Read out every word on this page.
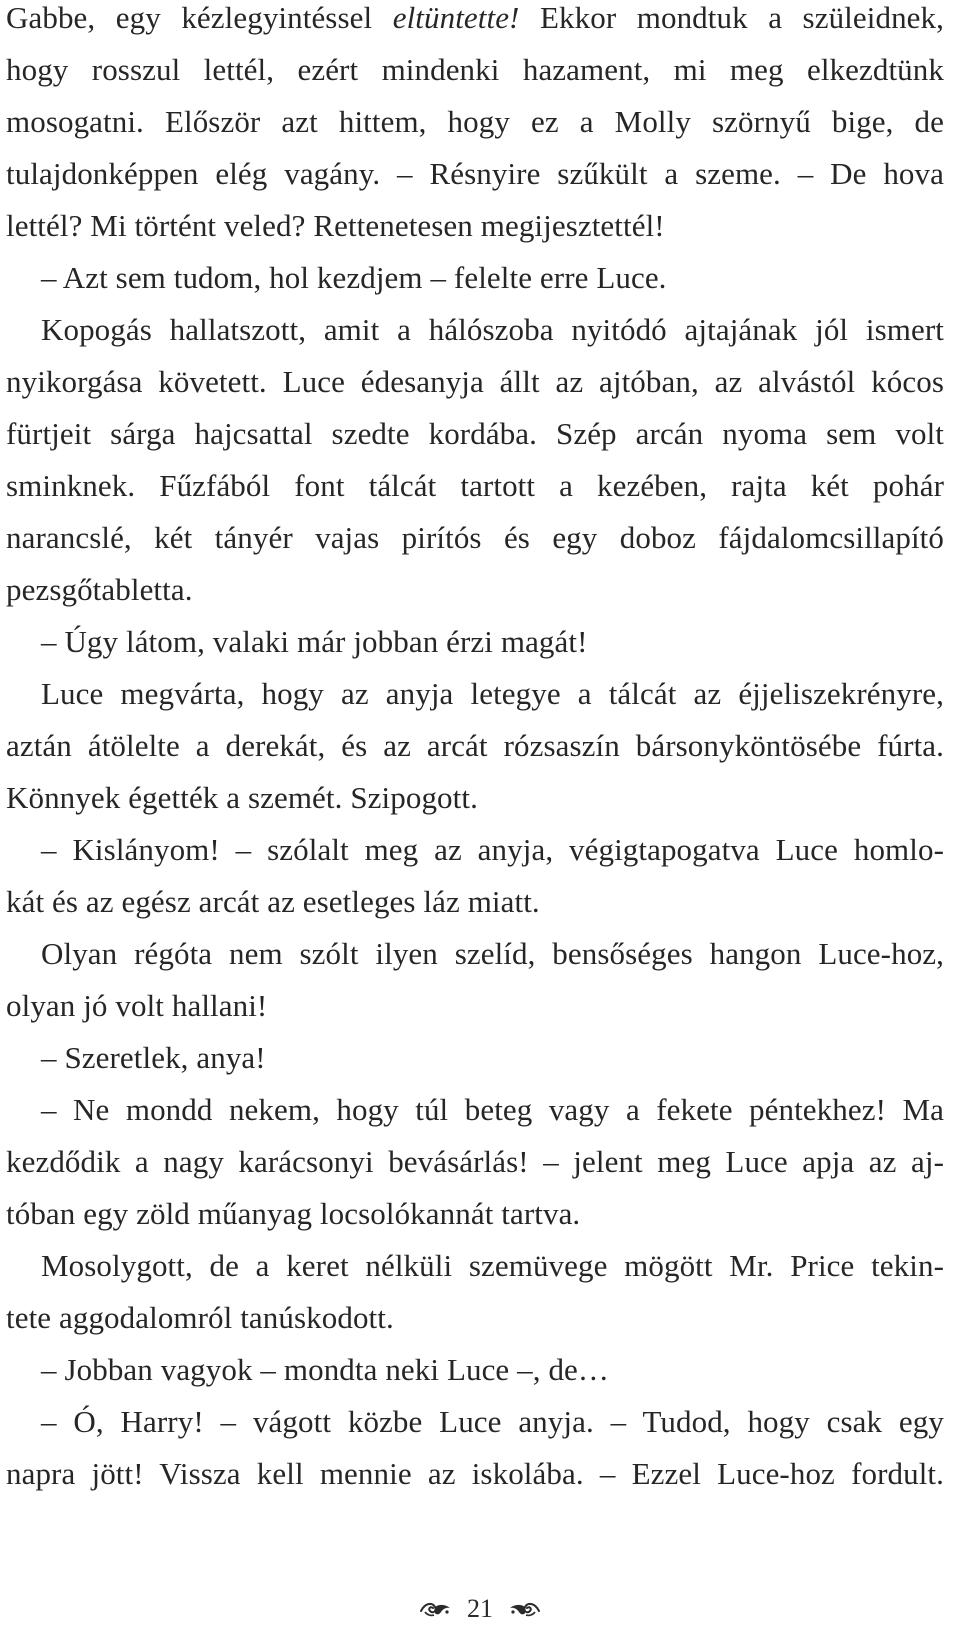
Gabbe, egy kézlegyintéssel eltüntette! Ekkor mondtuk a szüleidnek,
hogy rosszul lettél, ezért mindenki hazament, mi meg elkezdtünk
mosogatni. Először azt hittem, hogy ez a Molly szörnyű bige, de
tulajdonképpen elég vagány. – Résnyire szűkült a szeme. – De hova
lettél? Mi történt veled? Rettenetesen megijesztettél!
– Azt sem tudom, hol kezdjem – felelte erre Luce.
Kopogás hallatszott, amit a hálószoba nyitódó ajtajának jól ismert
nyikorgása követett. Luce édesanyja állt az ajtóban, az alvástól kócos
fürtjeit sárga hajcsattal szedte kordába. Szép arcán nyoma sem volt
sminknek. Fűzfából font tálcát tartott a kezében, rajta két pohár
narancslé, két tányér vajas pirítós és egy doboz fájdalomcsillapító
pezsgőtabletta.
– Úgy látom, valaki már jobban érzi magát!
Luce megvárta, hogy az anyja letegye a tálcát az éjjeliszekrényre,
aztán átölelte a derekát, és az arcát rózsaszín bársonyköntösébe fúrta.
Könnyek égették a szemét. Szipogott.
– Kislányom! – szólalt meg az anyja, végigtapogatva Luce homlo-
kát és az egész arcát az esetleges láz miatt.
Olyan régóta nem szólt ilyen szelíd, bensőséges hangon Luce-hoz,
olyan jó volt hallani!
– Szeretlek, anya!
– Ne mondd nekem, hogy túl beteg vagy a fekete péntekhez! Ma
kezdődik a nagy karácsonyi bevásárlás! – jelent meg Luce apja az aj-
tóban egy zöld műanyag locsolókannát tartva.
Mosolygott, de a keret nélküli szemüvege mögött Mr. Price tekin-
tete aggodalomról tanúskodott.
– Jobban vagyok – mondta neki Luce –, de…
– Ó, Harry! – vágott közbe Luce anyja. – Tudod, hogy csak egy
napra jött! Vissza kell mennie az iskolába. – Ezzel Luce-hoz fordult.
21
